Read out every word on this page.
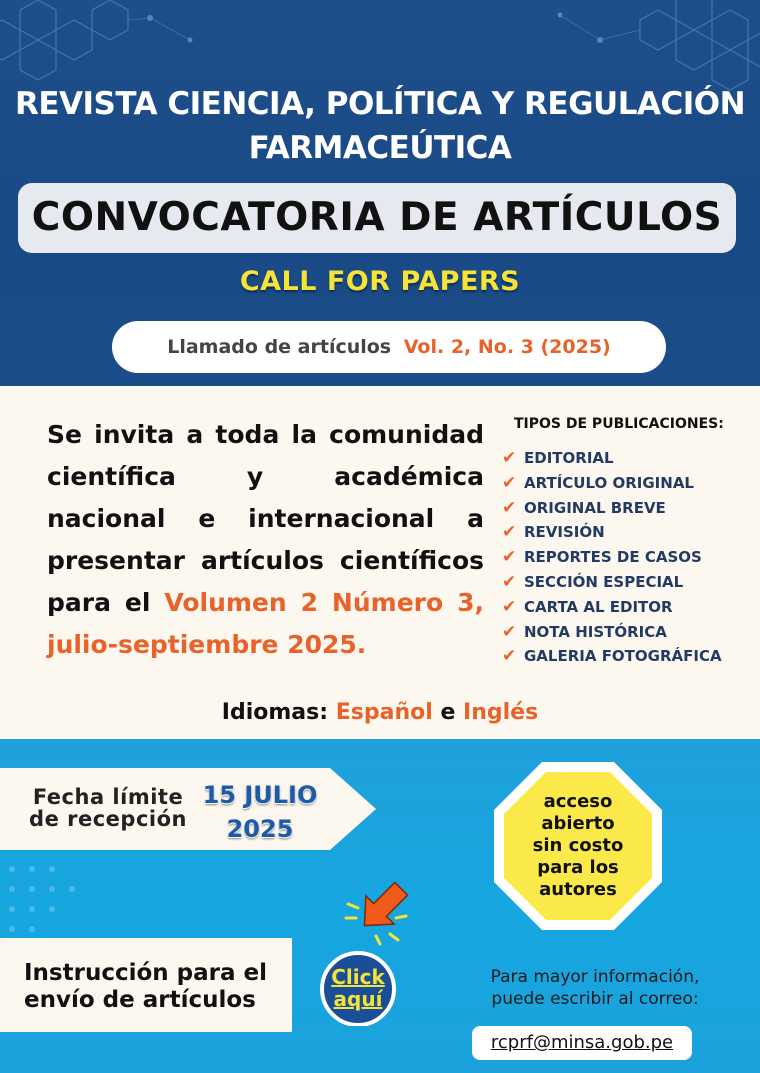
REVISTA CIENCIA, POLÍTICA Y REGULACIÓN
FARMACEÚTICA
CONVOCATORIA DE ARTÍCULOS
CALL FOR PAPERS
Llamado de artículos Vol. 2, No. 3 (2025)
Se invita a toda la comunidad científica y académica nacional e internacional a presentar artículos científicos para el Volumen 2 Número 3, julio-septiembre 2025.
TIPOS DE PUBLICACIONES:
✔ EDITORIAL
✔ ARTÍCULO ORIGINAL
✔ ORIGINAL BREVE
✔ REVISIÓN
✔ REPORTES DE CASOS
✔ SECCIÓN ESPECIAL
✔ CARTA AL EDITOR
✔ NOTA HISTÓRICA
✔ GALERIA FOTOGRÁFICA
Idiomas: Español e Inglés
Fecha límite
de recepción
15 JULIO
2025
acceso
abierto
sin costo
para los
autores
Instrucción para el
envío de artículos
Click
aquí
Para mayor información,
puede escribir al correo:
rcprf@minsa.gob.pe
